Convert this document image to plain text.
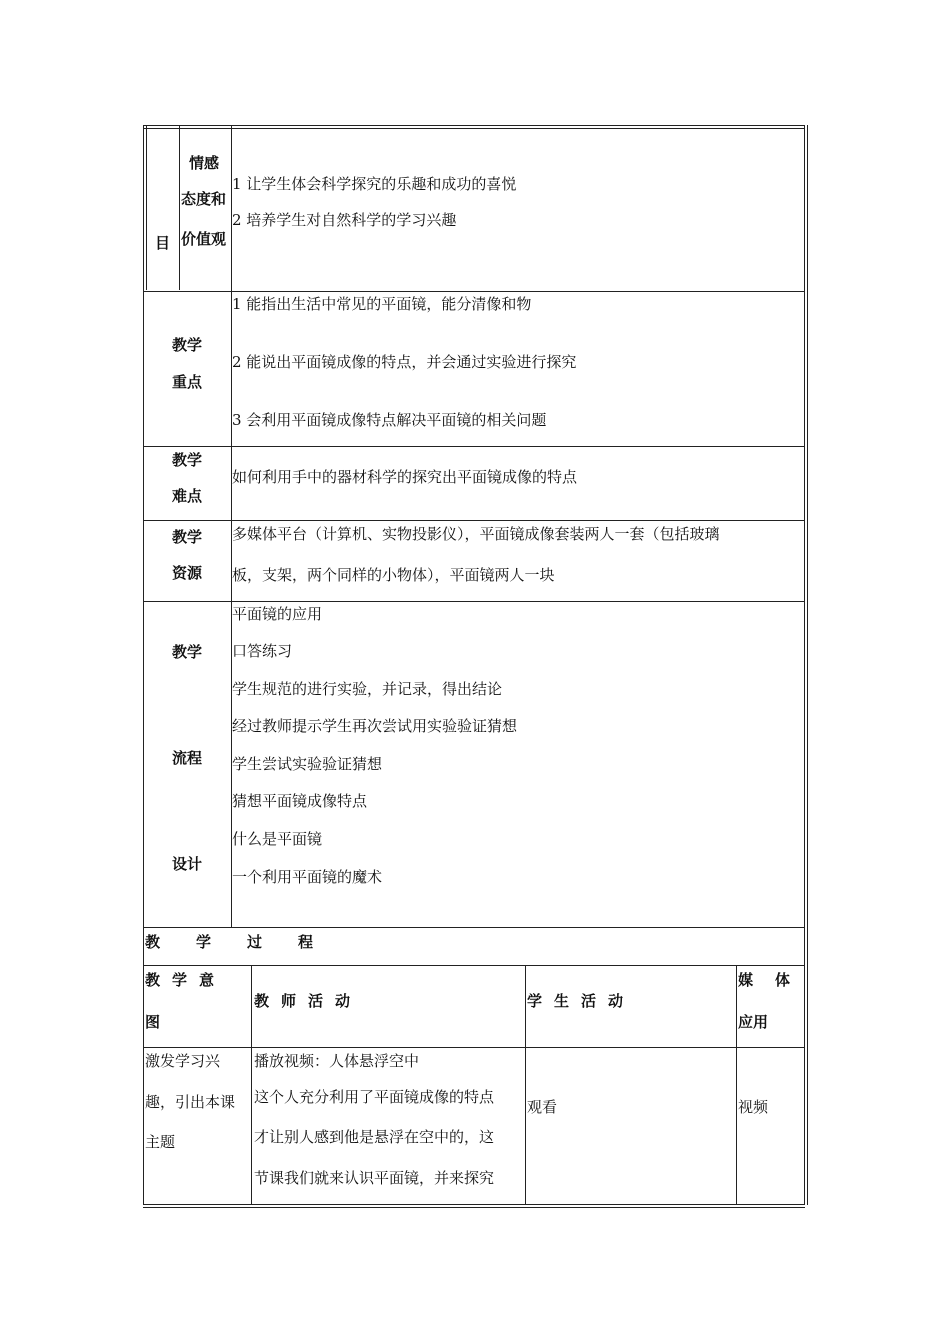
目
情感
态度和
价值观
1 让学生体会科学探究的乐趣和成功的喜悦
2 培养学生对自然科学的学习兴趣
教学
重点
1 能指出生活中常见的平面镜，能分清像和物
2 能说出平面镜成像的特点，并会通过实验进行探究
3 会利用平面镜成像特点解决平面镜的相关问题
教学
难点
如何利用手中的器材科学的探究出平面镜成像的特点
教学
资源
多媒体平台（计算机、实物投影仪），平面镜成像套装两人一套（包括玻璃
板，支架，两个同样的小物体），平面镜两人一块
教学
流程
设计
平面镜的应用
口答练习
学生规范的进行实验，并记录，得出结论
经过教师提示学生再次尝试用实验验证猜想
学生尝试实验验证猜想
猜想平面镜成像特点
什么是平面镜
一个利用平面镜的魔术
教学过程
教学意
图
教师活动	学生活动
媒体
应用
激发学习兴
趣，引出本课
主题
播放视频：人体悬浮空中
这个人充分利用了平面镜成像的特点
才让别人感到他是悬浮在空中的，这
节课我们就来认识平面镜，并来探究
观看	视频
